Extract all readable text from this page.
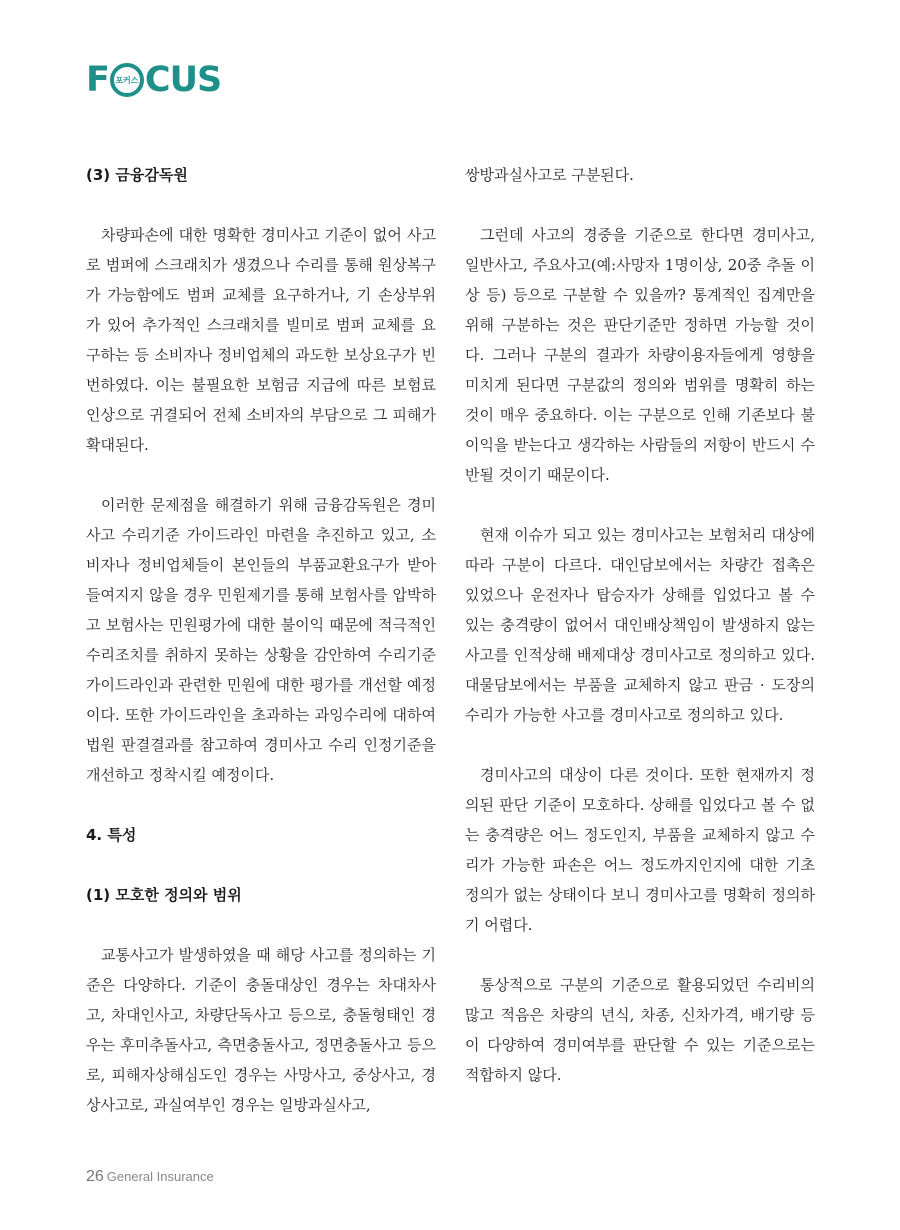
F 포커스 CUS

(3) 금융감독원

차량파손에 대한 명확한 경미사고 기준이 없어 사고로 범퍼에 스크래치가 생겼으나 수리를 통해 원상복구가 가능함에도 범퍼 교체를 요구하거나, 기 손상부위가 있어 추가적인 스크래치를 빌미로 범퍼 교체를 요구하는 등 소비자나 정비업체의 과도한 보상요구가 빈번하였다. 이는 불필요한 보험금 지급에 따른 보험료인상으로 귀결되어 전체 소비자의 부담으로 그 피해가 확대된다.

이러한 문제점을 해결하기 위해 금융감독원은 경미사고 수리기준 가이드라인 마련을 추진하고 있고, 소비자나 정비업체들이 본인들의 부품교환요구가 받아들여지지 않을 경우 민원제기를 통해 보험사를 압박하고 보험사는 민원평가에 대한 불이익 때문에 적극적인 수리조치를 취하지 못하는 상황을 감안하여 수리기준 가이드라인과 관련한 민원에 대한 평가를 개선할 예정이다. 또한 가이드라인을 초과하는 과잉수리에 대하여 법원 판결결과를 참고하여 경미사고 수리 인정기준을 개선하고 정착시킬 예정이다.

4. 특성

(1) 모호한 정의와 범위

교통사고가 발생하였을 때 해당 사고를 정의하는 기준은 다양하다. 기준이 충돌대상인 경우는 차대차사고, 차대인사고, 차량단독사고 등으로, 충돌형태인 경우는 후미추돌사고, 측면충돌사고, 정면충돌사고 등으로, 피해자상해심도인 경우는 사망사고, 중상사고, 경상사고로, 과실여부인 경우는 일방과실사고,

쌍방과실사고로 구분된다.

그런데 사고의 경중을 기준으로 한다면 경미사고, 일반사고, 주요사고(예:사망자 1명이상, 20중 추돌 이상 등) 등으로 구분할 수 있을까? 통계적인 집계만을 위해 구분하는 것은 판단기준만 정하면 가능할 것이다. 그러나 구분의 결과가 차량이용자들에게 영향을 미치게 된다면 구분값의 정의와 범위를 명확히 하는 것이 매우 중요하다. 이는 구분으로 인해 기존보다 불이익을 받는다고 생각하는 사람들의 저항이 반드시 수반될 것이기 때문이다.

현재 이슈가 되고 있는 경미사고는 보험처리 대상에 따라 구분이 다르다. 대인담보에서는 차량간 접촉은 있었으나 운전자나 탑승자가 상해를 입었다고 볼 수 있는 충격량이 없어서 대인배상책임이 발생하지 않는 사고를 인적상해 배제대상 경미사고로 정의하고 있다. 대물담보에서는 부품을 교체하지 않고 판금 · 도장의 수리가 가능한 사고를 경미사고로 정의하고 있다.

경미사고의 대상이 다른 것이다. 또한 현재까지 정의된 판단 기준이 모호하다. 상해를 입었다고 볼 수 없는 충격량은 어느 정도인지, 부품을 교체하지 않고 수리가 가능한 파손은 어느 정도까지인지에 대한 기초 정의가 없는 상태이다 보니 경미사고를 명확히 정의하기 어렵다.

통상적으로 구분의 기준으로 활용되었던 수리비의 많고 적음은 차량의 년식, 차종, 신차가격, 배기량 등이 다양하여 경미여부를 판단할 수 있는 기준으로는 적합하지 않다.

26 General Insurance
